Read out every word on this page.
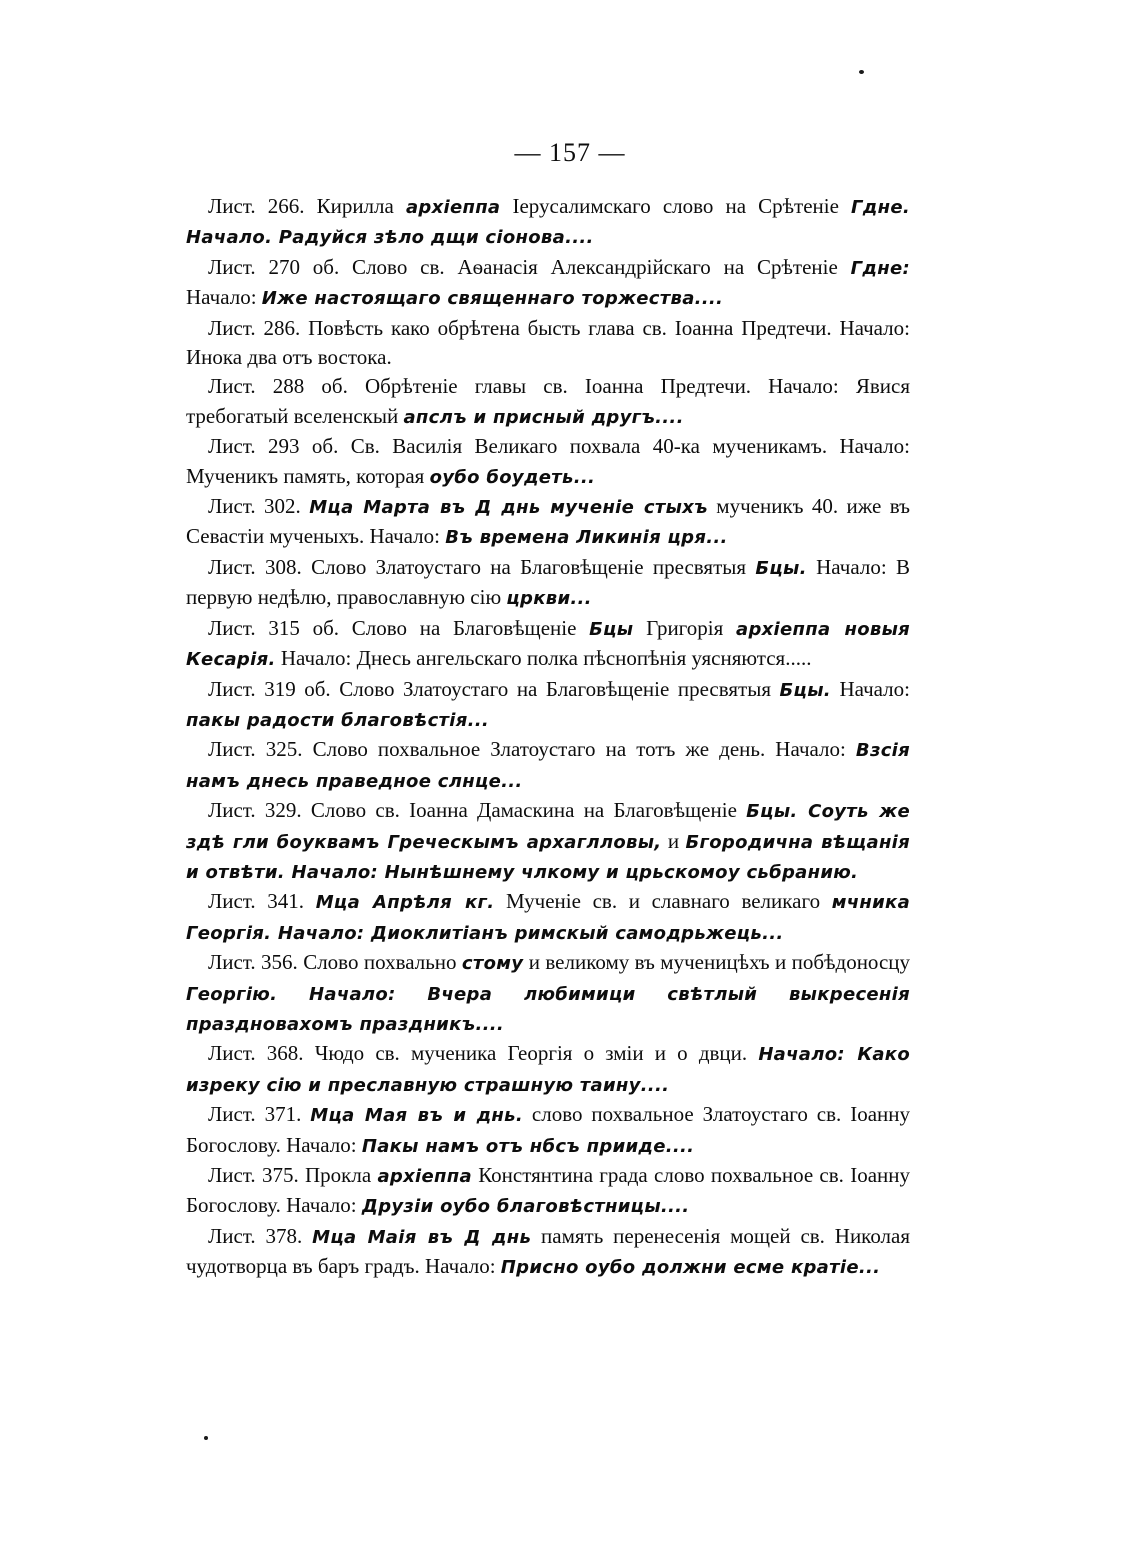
— 157 —

Лист. 266. Кирилла архіеппа Іерусалимскаго слово на Срѣтеніе Гдне. Начало. Радуйся зѣло дщи сіонова....

Лист. 270 об. Слово св. Аѳанасія Александрійскаго на Срѣтеніе Гдне: Начало: Иже настоящаго священнаго торжества....

Лист. 286. Повѣсть како обрѣтена бысть глава св. Іоанна Предтечи. Начало: Инока два отъ востока.

Лист. 288 об. Обрѣтеніе главы св. Іоанна Предтечи. Начало: Явися требогатый вселенскый апслъ и присный другъ....

Лист. 293 об. Св. Василія Великаго похвала 40-ка мученикамъ. Начало: Мученикъ память, которая оубо боудеть...

Лист. 302. Мца Марта въ Д днь мученіе стыхъ мученикъ 40. иже въ Севастіи мученыхъ. Начало: Въ времена Ликинія цря...

Лист. 308. Слово Златоустаго на Благовѣщеніе пресвятыя Бцы. Начало: В первую недѣлю, православную сію цркви...

Лист. 315 об. Слово на Благовѣщеніе Бцы Григорія архіеппа новыя Кесарія. Начало: Днесь ангельскаго полка пѣснопѣнія уясняются.....

Лист. 319 об. Слово Златоустаго на Благовѣщеніе пресвятыя Бцы. Начало: пакы радости благовѣстія...

Лист. 325. Слово похвальное Златоустаго на тотъ же день. Начало: Взсія намъ днесь праведное слнце...

Лист. 329. Слово св. Іоанна Дамаскина на Благовѣщеніе Бцы. Соуть же здѣ гли боуквамъ Греческымъ архаглловы, и Бгородична вѣщанія и отвѣти. Начало: Нынѣшнему члкому и црьскомоу сьбранию.

Лист. 341. Мца Апрѣля кг. Мученіе св. и славнаго великаго мчника Георгія. Начало: Диоклитіанъ римскый самодрьжець...

Лист. 356. Слово похвально стому и великому въ мученицѣхъ и побѣдоносцу Георгію. Начало: Вчера любимици свѣтлый выкресенія праздновахомъ праздникъ....

Лист. 368. Чюдо св. мученика Георгія о зміи и о двци. Начало: Како изреку сію и преславную страшную таину....

Лист. 371. Мца Мая въ и днь. слово похвальное Златоустаго св. Іоанну Богослову. Начало: Пакы намъ отъ нбсъ прииде....

Лист. 375. Прокла архіеппа Констянтина града слово похвальное св. Іоанну Богослову. Начало: Друзіи оубо благовѣстницы....

Лист. 378. Мца Маія въ Д днь память перенесенія мощей св. Николая чудотворца въ баръ градъ. Начало: Присно оубо должни есме кратіе...
